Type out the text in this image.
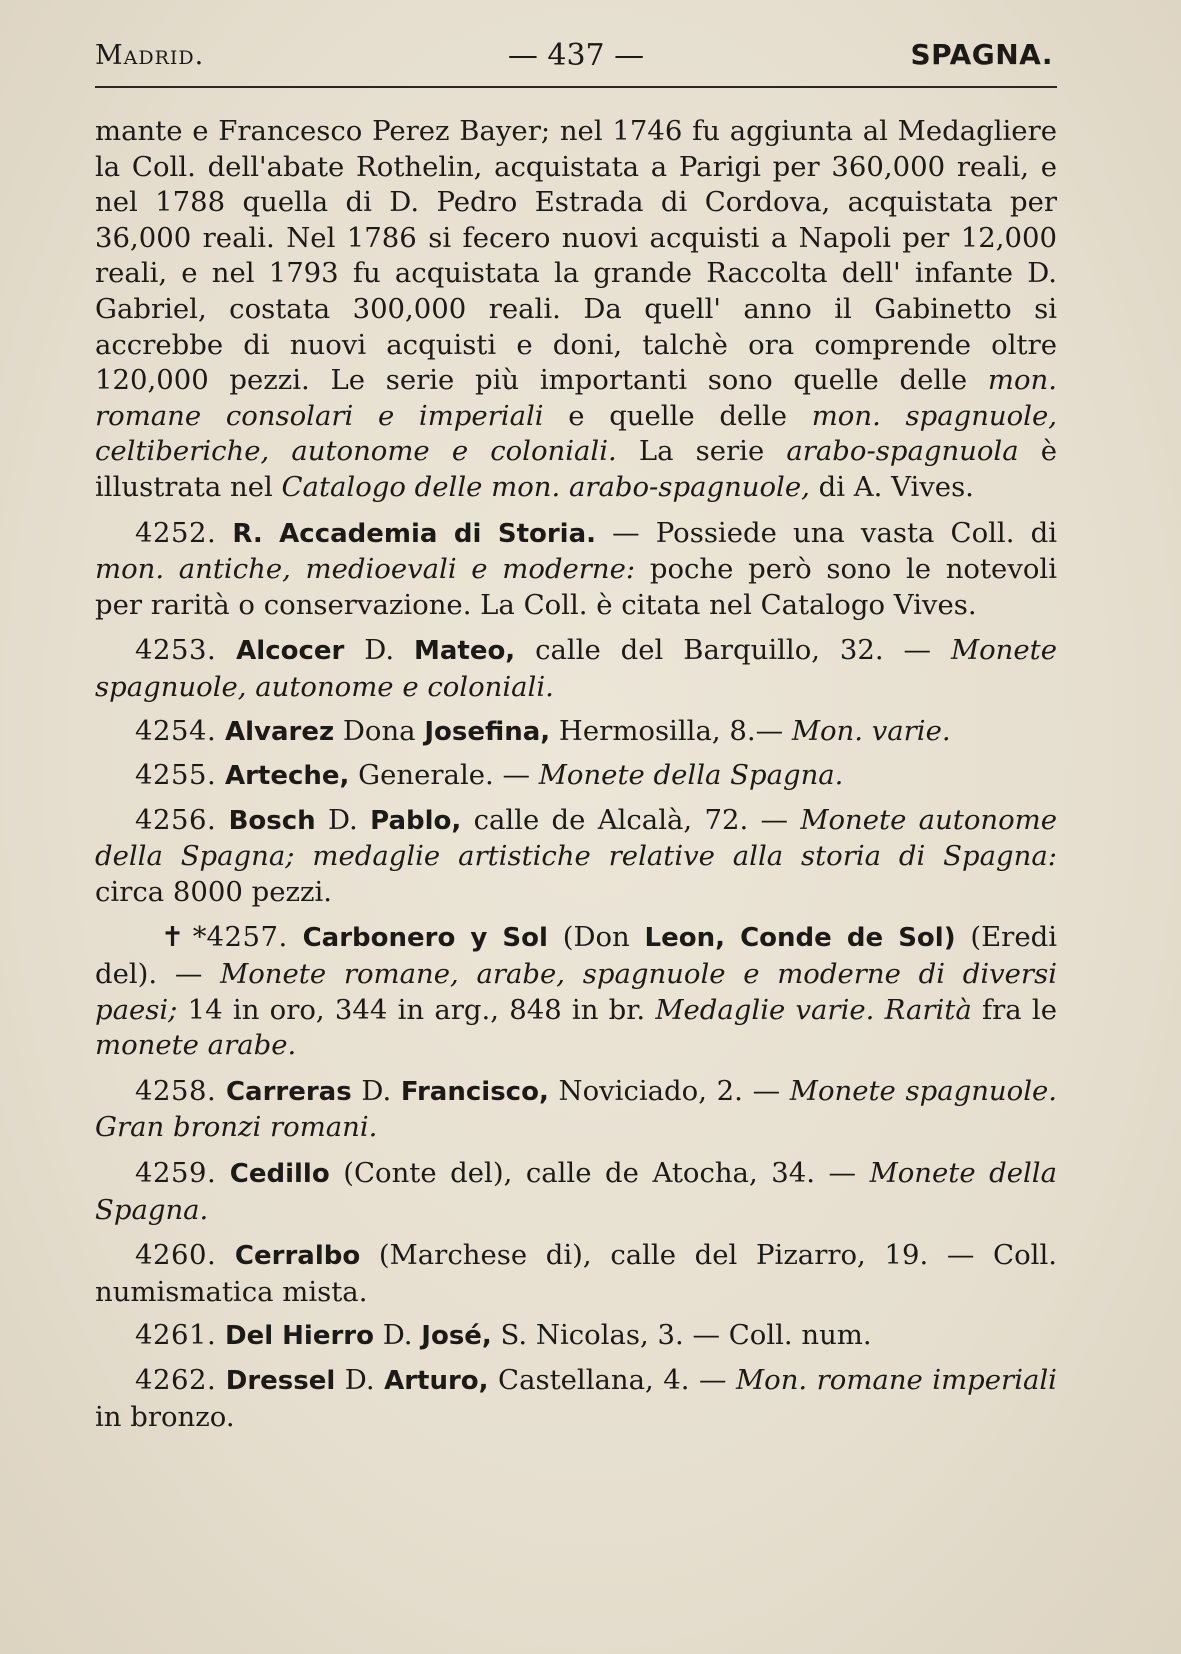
Madrid.	— 437 —	SPAGNA.

mante e Francesco Perez Bayer; nel 1746 fu aggiunta al Medagliere la Coll. dell'abate Rothelin, acquistata a Parigi per 360,000 reali, e nel 1788 quella di D. Pedro Estrada di Cordova, acquistata per 36,000 reali. Nel 1786 si fecero nuovi acquisti a Napoli per 12,000 reali, e nel 1793 fu acquistata la grande Raccolta dell' infante D. Gabriel, costata 300,000 reali. Da quell' anno il Gabinetto si accrebbe di nuovi acquisti e doni, talchè ora comprende oltre 120,000 pezzi. Le serie più importanti sono quelle delle mon. romane consolari e imperiali e quelle delle mon. spagnuole, celtiberiche, autonome e coloniali. La serie arabo-spagnuola è illustrata nel Catalogo delle mon. arabo-spagnuole, di A. Vives.

4252. R. Accademia di Storia. — Possiede una vasta Coll. di mon. antiche, medioevali e moderne: poche però sono le notevoli per rarità o conservazione. La Coll. è citata nel Catalogo Vives.

4253. Alcocer D. Mateo, calle del Barquillo, 32. — Monete spagnuole, autonome e coloniali.

4254. Alvarez Dona Josefina, Hermosilla, 8.— Mon. varie.

4255. Arteche, Generale. — Monete della Spagna.

4256. Bosch D. Pablo, calle de Alcalà, 72. — Monete autonome della Spagna; medaglie artistiche relative alla storia di Spagna: circa 8000 pezzi.

✝ *4257. Carbonero y Sol (Don Leon, Conde de Sol) (Eredi del). — Monete romane, arabe, spagnuole e moderne di diversi paesi; 14 in oro, 344 in arg., 848 in br. Medaglie varie. Rarità fra le monete arabe.

4258. Carreras D. Francisco, Noviciado, 2. — Monete spagnuole. Gran bronzi romani.

4259. Cedillo (Conte del), calle de Atocha, 34. — Monete della Spagna.

4260. Cerralbo (Marchese di), calle del Pizarro, 19. — Coll. numismatica mista.

4261. Del Hierro D. José, S. Nicolas, 3. — Coll. num.

4262. Dressel D. Arturo, Castellana, 4. — Mon. romane imperiali in bronzo.
